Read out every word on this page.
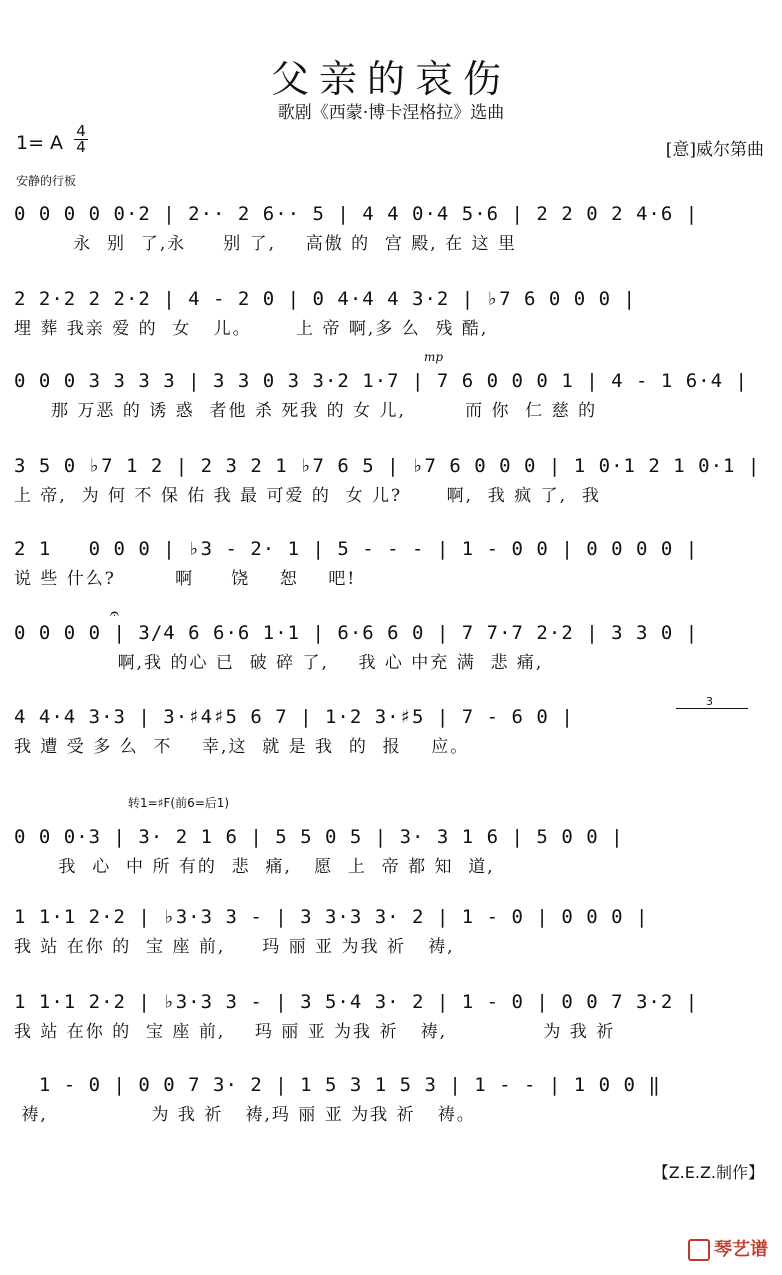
父亲的哀伤
歌剧《西蒙·博卡涅格拉》选曲
1= A
4
4	[意]威尔第曲
安静的行板
0 0 0 0 0·2 | 2·· 2 6·· 5 | 4 4 0·4 5·6 | 2 2 0 2 4·6 |
永  别  了,永     别 了,    高傲 的  宫 殿, 在 这 里
2 2·2 2 2·2 | 4 - 2 0 | 0 4·4 4 3·2 | ♭7 6 0 0 0 |
埋 葬 我亲 爱 的  女   儿。      上 帝 啊,多 么  残 酷,
mp
0 0 0 3 3 3 3 | 3 3 0 3 3·2 1·7 | 7 6 0 0 0 1 | 4 - 1 6·4 |
那 万恶 的 诱 惑  者他 杀 死我 的 女 儿,        而 你  仁 慈 的
3 5 0 ♭7 1 2 | 2 3 2 1 ♭7 6 5 | ♭7 6 0 0 0 | 1 0·1 2 1 0·1 |
上 帝,  为 何 不 保 佑 我 最 可爱 的  女 儿?      啊,  我 疯 了,  我
2 1   0 0 0 | ♭3 - 2· 1 | 5 - - - | 1 - 0 0 | 0 0 0 0 |
说 些 什么?        啊     饶    恕    吧!
𝄐
0 0 0 0 | 3/4 6 6·6 1·1 | 6·6 6 0 | 7 7·7 2·2 | 3 3 0 |
啊,我 的心 已  破 碎 了,    我 心 中充 满  悲 痛,
3
4 4·4 3·3 | 3·♯4♯5 6 7 | 1·2 3·♯5 | 7 - 6 0 |
我 遭 受 多 么  不    幸,这  就 是 我  的  报    应。
转1=♯F(前6=后1)
0 0 0·3 | 3· 2 1 6 | 5 5 0 5 | 3· 3 1 6 | 5 0 0 |
我  心  中 所 有的  悲  痛,   愿  上  帝 都 知  道,
1 1·1 2·2 | ♭3·3 3 - | 3 3·3 3· 2 | 1 - 0 | 0 0 0 |
我 站 在你 的  宝 座 前,     玛 丽 亚 为我 祈   祷,
1 1·1 2·2 | ♭3·3 3 - | 3 5·4 3· 2 | 1 - 0 | 0 0 7 3·2 |
我 站 在你 的  宝 座 前,    玛 丽 亚 为我 祈   祷,             为 我 祈
1 - 0 | 0 0 7 3· 2 | 1 5 3 1 5 3 | 1 - - | 1 0 0 ‖
祷,              为 我 祈   祷,玛 丽 亚 为我 祈   祷。
【Z.E.Z.制作】
琴艺谱
